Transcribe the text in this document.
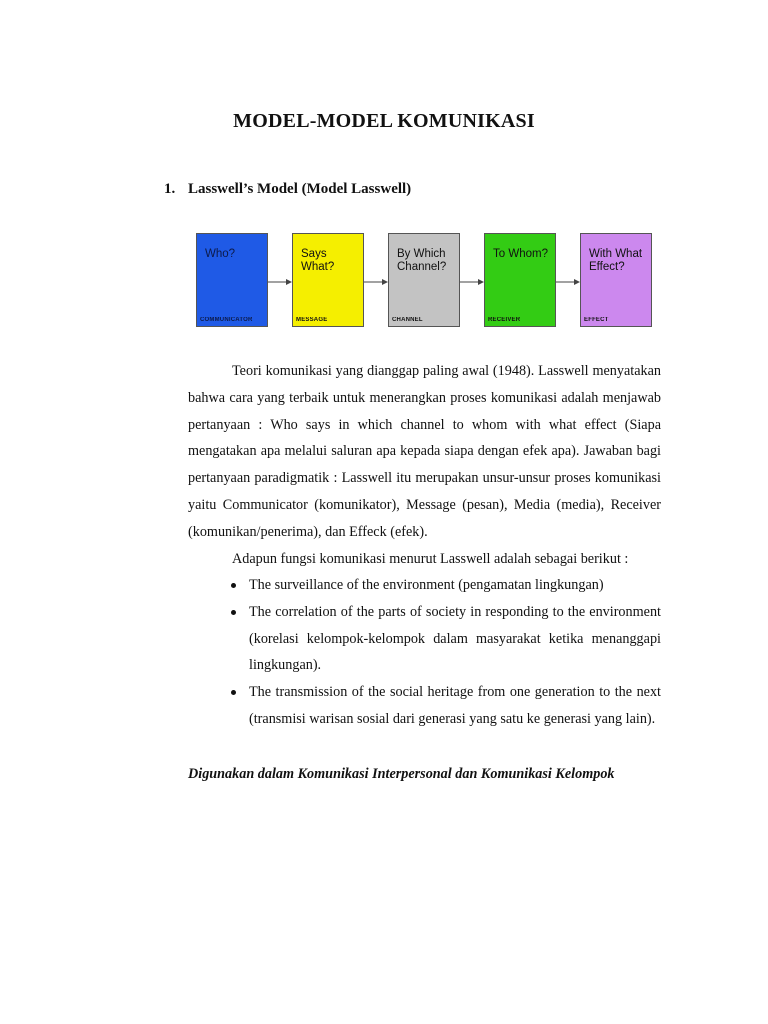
MODEL-MODEL KOMUNIKASI
1. Lasswell’s Model (Model Lasswell)
Who?
COMMUNICATOR
Says What?
MESSAGE
By Which Channel?
CHANNEL
To Whom?
RECEIVER
With What Effect?
EFFECT

Teori komunikasi yang dianggap paling awal (1948). Lasswell menyatakan bahwa cara yang terbaik untuk menerangkan proses komunikasi adalah menjawab pertanyaan : Who says in which channel to whom with what effect (Siapa mengatakan apa melalui saluran apa kepada siapa dengan efek apa). Jawaban bagi pertanyaan paradigmatik : Lasswell itu merupakan unsur-unsur proses komunikasi yaitu Communicator (komunikator), Message (pesan), Media (media), Receiver (komunikan/penerima), dan Effeck (efek).

Adapun fungsi komunikasi menurut Lasswell adalah sebagai berikut :

The surveillance of the environment (pengamatan lingkungan)
The correlation of the parts of society in responding to the environment (korelasi kelompok-kelompok dalam masyarakat ketika menanggapi lingkungan).
The transmission of the social heritage from one generation to the next (transmisi warisan sosial dari generasi yang satu ke generasi yang lain).
Digunakan dalam Komunikasi Interpersonal dan Komunikasi Kelompok
